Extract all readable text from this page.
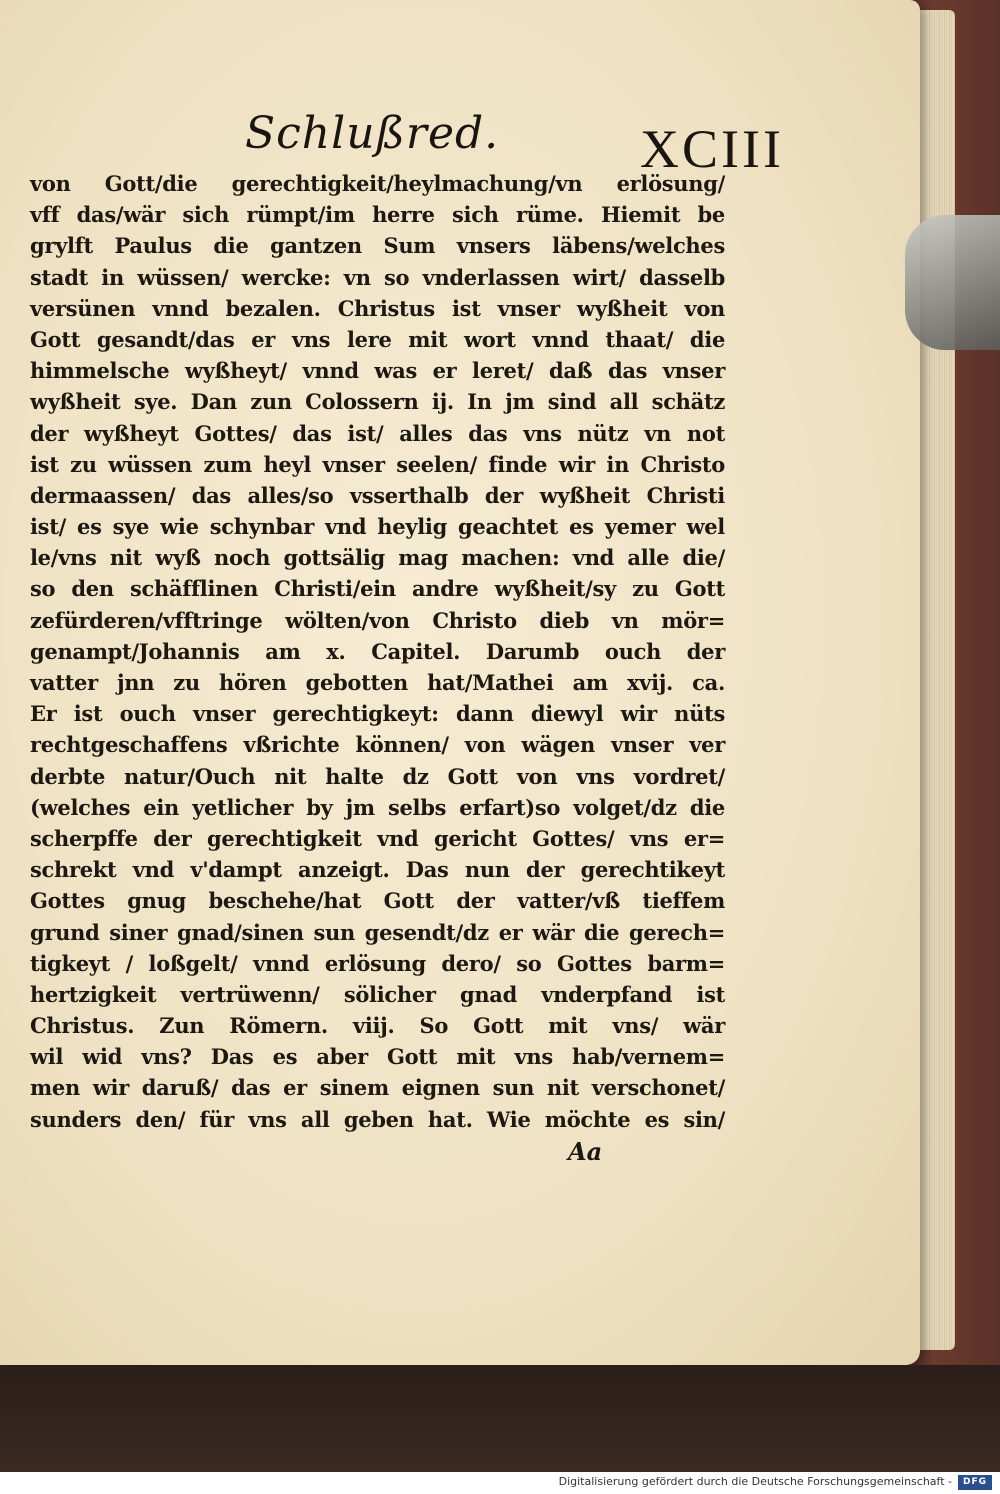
Schlußred.	XCIII
von Gott/die gerechtigkeit/heylmachung/vn erlösung/
vff das/wär sich rümpt/im herre sich rüme. Hiemit be
grylft Paulus die gantzen Sum vnsers läbens/welches
stadt in wüssen/ wercke: vn so vnderlassen wirt/ dasselb
versünen vnnd bezalen. Christus ist vnser wyßheit von
Gott gesandt/das er vns lere mit wort vnnd thaat/ die
himmelsche wyßheyt/ vnnd was er leret/ daß das vnser
wyßheit sye. Dan zun Colossern ij. In jm sind all schätz
der wyßheyt Gottes/ das ist/ alles das vns nütz vn not
ist zu wüssen zum heyl vnser seelen/ finde wir in Christo
dermaassen/ das alles/so vsserthalb der wyßheit Christi
ist/ es sye wie schynbar vnd heylig geachtet es yemer wel
le/vns nit wyß noch gottsälig mag machen: vnd alle die/
so den schäfflinen Christi/ein andre wyßheit/sy zu Gott
zefürderen/vfftringe wölten/von Christo dieb vn mör=
genampt/Johannis am x. Capitel. Darumb ouch der
vatter jnn zu hören gebotten hat/Mathei am xvij. ca.
Er ist ouch vnser gerechtigkeyt: dann diewyl wir nüts
rechtgeschaffens vßrichte können/ von wägen vnser ver
derbte natur/Ouch nit halte dz Gott von vns vordret/
(welches ein yetlicher by jm selbs erfart)so volget/dz die
scherpffe der gerechtigkeit vnd gericht Gottes/ vns er=
schrekt vnd v'dampt anzeigt. Das nun der gerechtikeyt
Gottes gnug beschehe/hat Gott der vatter/vß tieffem
grund siner gnad/sinen sun gesendt/dz er wär die gerech=
tigkeyt / loßgelt/ vnnd erlösung dero/ so Gottes barm=
hertzigkeit vertrüwenn/ sölicher gnad vnderpfand ist
Christus. Zun Römern. viij. So Gott mit vns/ wär
wil wid vns? Das es aber Gott mit vns hab/vernem=
men wir daruß/ das er sinem eignen sun nit verschonet/
sunders den/ für vns all geben hat. Wie möchte es sin/
Aa
Digitalisierung gefördert durch die Deutsche Forschungsgemeinschaft -	DFG
